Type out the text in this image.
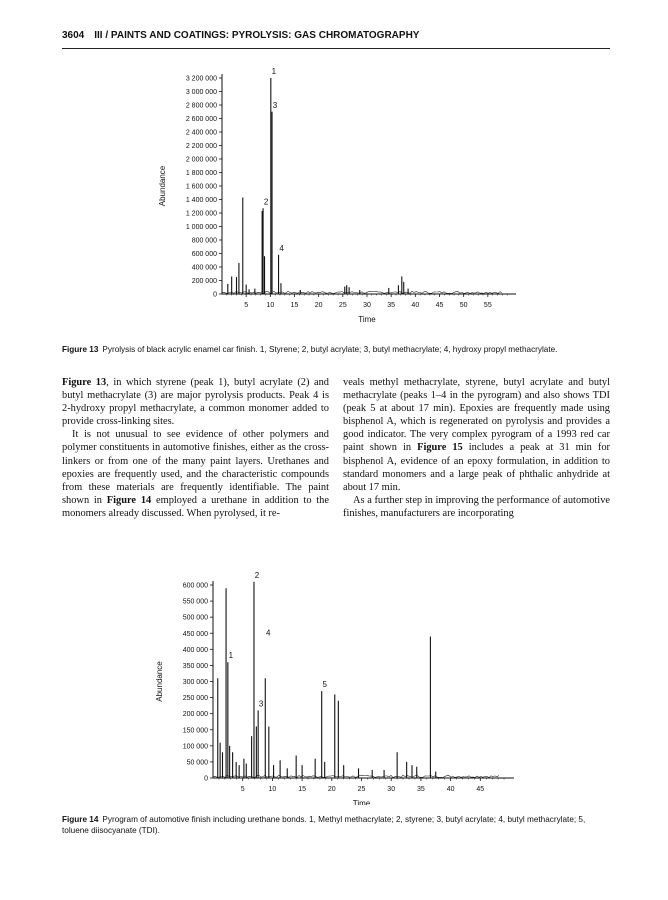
3604 III / PAINTS AND COATINGS: PYROLYSIS: GAS CHROMATOGRAPHY
0
200 000
400 000
600 000
800 000
1 000 000
1 200 000
1 400 000
1 600 000
1 800 000
2 000 000
2 200 000
2 400 000
2 600 000
2 800 000
3 000 000
3 200 000
5	10 15 20 25 30 35 40 45 50 55
Time
Abundance
1
2
3
4
Figure 13 Pyrolysis of black acrylic enamel car finish. 1, Styrene; 2, butyl acrylate; 3, butyl methacrylate; 4, hydroxy propyl methacrylate.

Figure 13, in which styrene (peak 1), butyl acrylate (2) and butyl methacrylate (3) are major pyrolysis products. Peak 4 is 2-hydroxy propyl methacrylate, a common monomer added to provide cross-linking sites.

It is not unusual to see evidence of other polymers and polymer constituents in automotive finishes, either as the cross-linkers or from one of the many paint layers. Urethanes and epoxies are frequently used, and the characteristic compounds from these materials are frequently identifiable. The paint shown in Figure 14 employed a urethane in addition to the monomers already discussed. When pyrolysed, it re-

veals methyl methacrylate, styrene, butyl acrylate and butyl methacrylate (peaks 1–4 in the pyrogram) and also shows TDI (peak 5 at about 17 min). Epoxies are frequently made using bisphenol A, which is regenerated on pyrolysis and provides a good indicator. The very complex pyrogram of a 1993 red car paint shown in Figure 15 includes a peak at 31 min for bisphenol A, evidence of an epoxy formulation, in addition to standard monomers and a large peak of phthalic anhydride at about 17 min.

As a further step in improving the performance of automotive finishes, manufacturers are incorporating

0
50 000
100 000
150 000
200 000
250 000
300 000
350 000
400 000
450 000
500 000
550 000
600 000
5	10	15	20	25	30	35	40	45
Time
Abundance
1
2
3
4
5
Figure 14 Pyrogram of automotive finish including urethane bonds. 1, Methyl methacrylate; 2, styrene; 3, butyl acrylate; 4, butyl methacrylate; 5, toluene diisocyanate (TDI).
